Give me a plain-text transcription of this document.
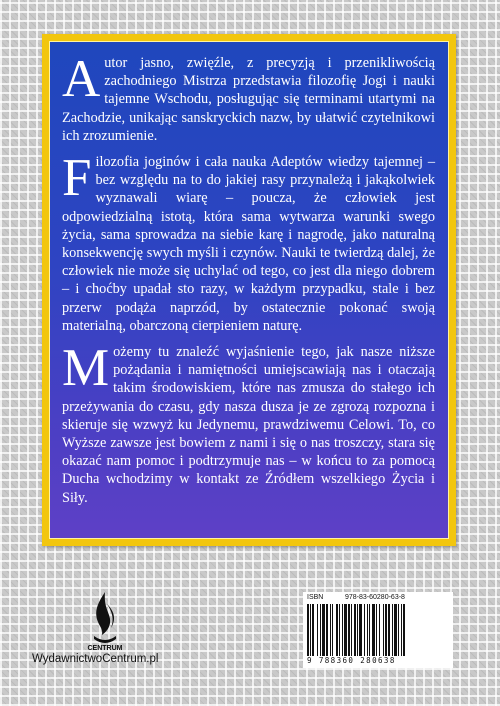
Autor jasno, zwięźle, z precyzją i przenikliwością zachodniego Mistrza przedstawia filozofię Jogi i nauki tajemne Wschodu, posługując się terminami utartymi na Zachodzie, unikając sanskryckich nazw, by ułatwić czytelnikowi ich zrozumienie.

Filozofia joginów i cała nauka Adeptów wiedzy tajemnej – bez względu na to do jakiej rasy przynależą i jakąkolwiek wyznawali wiarę – poucza, że człowiek jest odpowiedzialną istotą, która sama wytwarza warunki swego życia, sama sprowadza na siebie karę i nagrodę, jako naturalną konsekwencję swych myśli i czynów. Nauki te twierdzą dalej, że człowiek nie może się uchylać od tego, co jest dla niego dobrem – i choćby upadał sto razy, w każdym przypadku, stale i bez przerw podąża naprzód, by ostatecznie pokonać swoją materialną, obarczoną cierpieniem naturę.

Możemy tu znaleźć wyjaśnienie tego, jak nasze niższe pożądania i namiętności umiejscawiają nas i otaczają takim środowiskiem, które nas zmusza do stałego ich przeżywania do czasu, gdy nasza dusza je ze zgrozą rozpozna i skieruje się wzwyż ku Jedynemu, prawdziwemu Celowi. To, co Wyższe zawsze jest bowiem z nami i się o nas troszczy, stara się okazać nam pomoc i podtrzymuje nas – w końcu to za pomocą Ducha wchodzimy w kontakt ze Źródłem wszelkiego Życia i Siły.

CENTRUM
WydawnictwoCentrum.pl
ISBN	978-83-60280-63-8
9 788360 280638
